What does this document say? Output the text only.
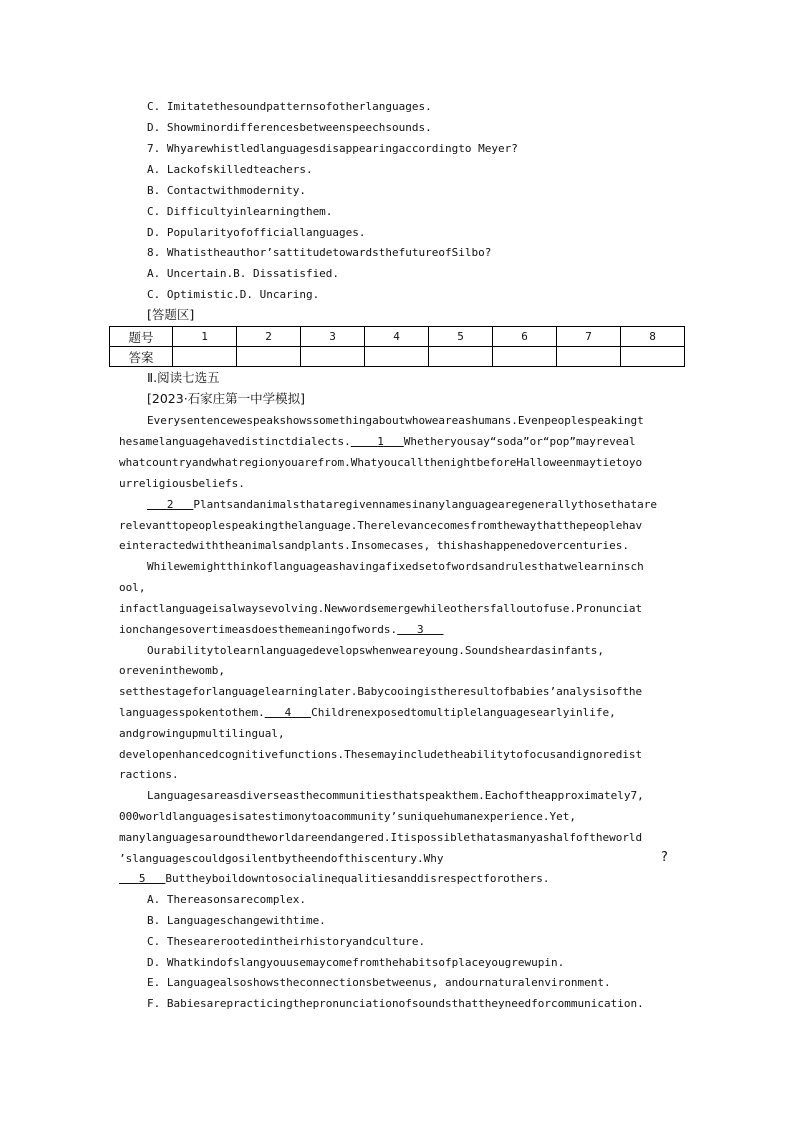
C. Imitatethesoundpatternsofotherlanguages.
D. Showminordifferencesbetweenspeechsounds.
7. Whyarewhistledlanguagesdisappearingaccordingto Meyer?
A. Lackofskilledteachers.
B. Contactwithmodernity.
C. Difficultyinlearningthem.
D. Popularityofofficiallanguages.
8. Whatistheauthor’sattitudetowardsthefutureofSilbo?
A. Uncertain.B. Dissatisfied.
C. Optimistic.D. Uncaring.
[答题区]
题号	1	2	3	4	5	6	7	8
答案								
Ⅱ.阅读七选五
[2023·石家庄第一中学模拟]
Everysentencewespeakshowssomethingaboutwhoweareashumans.Evenpeoplespeakingt
hesamelanguagehavedistinctdialects. 1 Whetheryousay“soda”or“pop”mayreveal
whatcountryandwhatregionyouarefrom.WhatyoucallthenightbeforeHalloweenmaytietoyo
urreligiousbeliefs.
2 Plantsandanimalsthataregivennamesinanylanguagearegenerallythosethatare
relevanttopeoplespeakingthelanguage.Therelevancecomesfromthewaythatthepeoplehav
einteractedwiththeanimalsandplants.Insomecases, thishashappenedovercenturies.
Whilewemightthinkoflanguageashavingafixedsetofwordsandrulesthatwelearninsch
ool,
infactlanguageisalwaysevolving.Newwordsemergewhileothersfalloutofuse.Pronunciat
ionchangesovertimeasdoesthemeaningofwords. 3
Ourabilitytolearnlanguagedevelopswhenweareyoung.Soundsheardasinfants,
oreveninthewomb,
setthestageforlanguagelearninglater.Babycooingistheresultofbabies’analysisofthe
languagesspokentothem. 4 Childrenexposedtomultiplelanguagesearlyinlife,
andgrowingupmultilingual,
developenhancedcognitivefunctions.Thesemayincludetheabilitytofocusandignoredist
ractions.
Languagesareasdiverseasthecommunitiesthatspeakthem.Eachoftheapproximately7,
000worldlanguagesisatestimonytoacommunity’suniquehumanexperience.Yet,
manylanguagesaroundtheworldareendangered.Itispossiblethatasmanyashalfoftheworld
’slanguagescouldgosilentbytheendofthiscentury.Why	?
5 Buttheyboildowntosocialinequalitiesanddisrespectforothers.
A. Thereasonsarecomplex.
B. Languageschangewithtime.
C. Thesearerootedintheirhistoryandculture.
D. Whatkindofslangyouusemaycomefromthehabitsofplaceyougrewupin.
E. Languagealsoshowstheconnectionsbetweenus, andournaturalenvironment.
F. Babiesarepracticingthepronunciationofsoundsthattheyneedforcommunication.
